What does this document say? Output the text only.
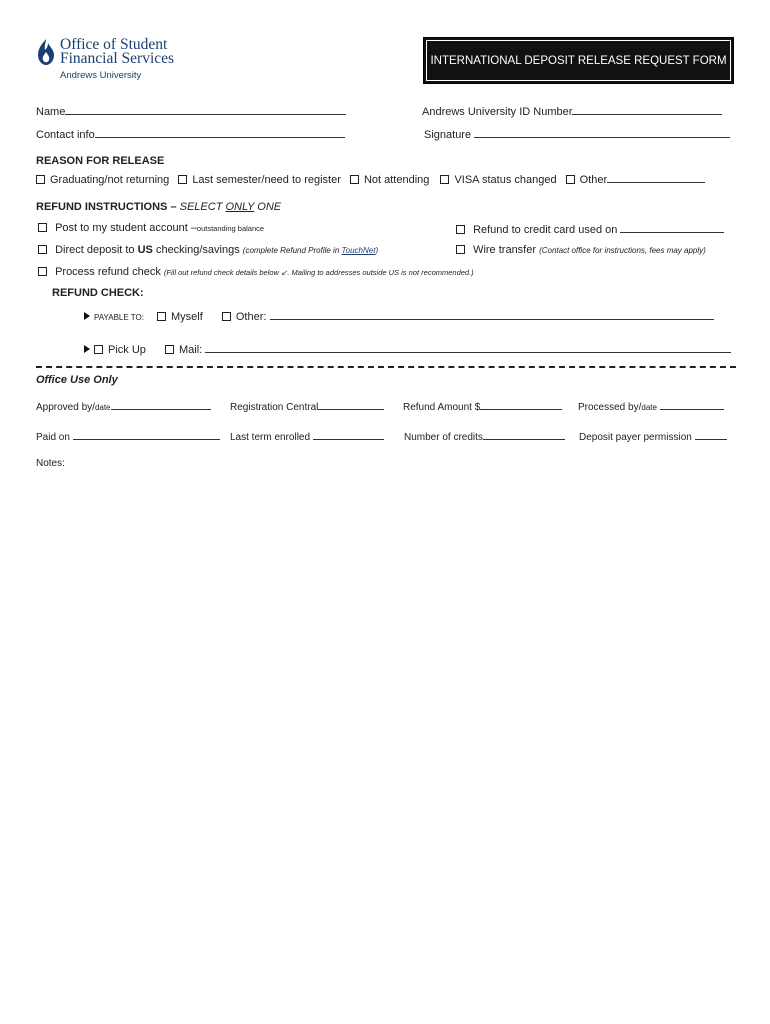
Office of Student
Financial Services
Andrews University
INTERNATIONAL DEPOSIT RELEASE REQUEST FORM
Name	Andrews University ID Number
Contact info	Signature
REASON FOR RELEASE
Graduating/not returning Last semester/need to register Not attending VISA status changed Other
REFUND INSTRUCTIONS – SELECT ONLY ONE
Post to my student account –outstanding balance	Refund to credit card used on
Direct deposit to US checking/savings (complete Refund Profile in TouchNet)	Wire transfer (Contact office for instructions, fees may apply)
Process refund check (Fill out refund check details below ↙. Mailing to addresses outside US is not recommended.)
REFUND CHECK:
PAYABLE TO: Myself	Other:
Pick Up	Mail:
Office Use Only
Approved by/date	Registration Central	Refund Amount $	Processed by/date
Paid on	Last term enrolled	Number of credits	Deposit payer permission
Notes:
